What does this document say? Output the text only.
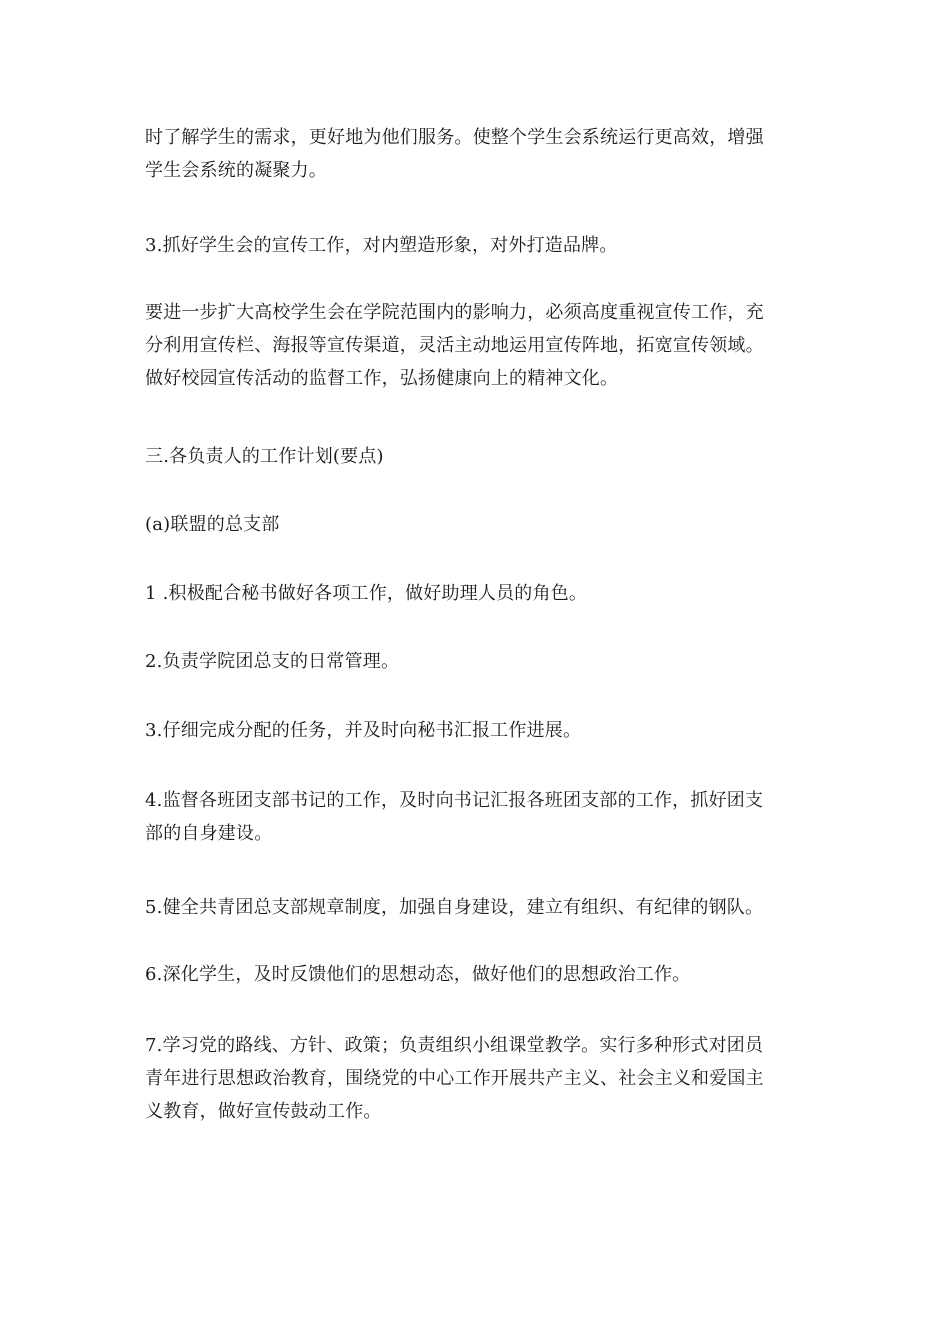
时了解学生的需求，更好地为他们服务。使整个学生会系统运行更高效，增强
学生会系统的凝聚力。

3.抓好学生会的宣传工作，对内塑造形象，对外打造品牌。

要进一步扩大高校学生会在学院范围内的影响力，必须高度重视宣传工作，充
分利用宣传栏、海报等宣传渠道，灵活主动地运用宣传阵地，拓宽宣传领域。
做好校园宣传活动的监督工作，弘扬健康向上的精神文化。

三.各负责人的工作计划(要点)

(a)联盟的总支部

1 .积极配合秘书做好各项工作，做好助理人员的角色。

2.负责学院团总支的日常管理。

3.仔细完成分配的任务，并及时向秘书汇报工作进展。

4.监督各班团支部书记的工作，及时向书记汇报各班团支部的工作，抓好团支
部的自身建设。

5.健全共青团总支部规章制度，加强自身建设，建立有组织、有纪律的钢队。

6.深化学生，及时反馈他们的思想动态，做好他们的思想政治工作。

7.学习党的路线、方针、政策；负责组织小组课堂教学。实行多种形式对团员
青年进行思想政治教育，围绕党的中心工作开展共产主义、社会主义和爱国主
义教育，做好宣传鼓动工作。
